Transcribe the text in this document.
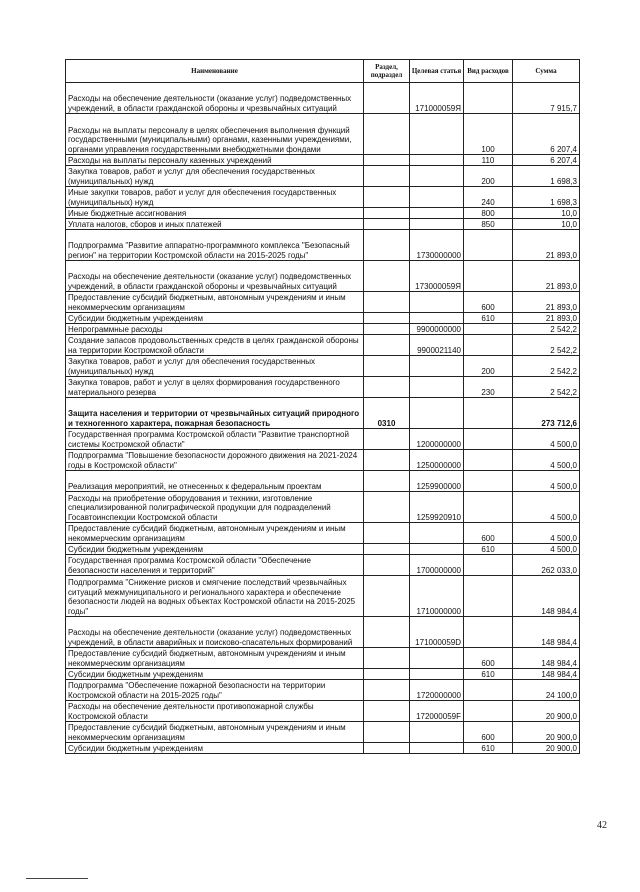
Наименование	Раздел, подраздел	Целевая статья	Вид расходов	Сумма
Расходы на обеспечение деятельности (оказание услуг) подведомственных учреждений, в области гражданской обороны и чрезвычайных ситуаций		171000059Я		7 915,7
Расходы на выплаты персоналу в целях обеспечения выполнения функций государственными (муниципальными) органами, казенными учреждениями, органами управления государственными внебюджетными фондами			100	6 207,4
Расходы на выплаты персоналу казенных учреждений			110	6 207,4
Закупка товаров, работ и услуг для обеспечения государственных (муниципальных) нужд			200	1 698,3
Иные закупки товаров, работ и услуг для обеспечения государственных (муниципальных) нужд			240	1 698,3
Иные бюджетные ассигнования			800	10,0
Уплата налогов, сборов и иных платежей			850	10,0
Подпрограмма "Развитие аппаратно-программного комплекса "Безопасный регион" на территории Костромской области на 2015-2025 годы"		1730000000		21 893,0
Расходы на обеспечение деятельности (оказание услуг) подведомственных учреждений, в области гражданской обороны и чрезвычайных ситуаций		173000059Я		21 893,0
Предоставление субсидий бюджетным, автономным учреждениям и иным некоммерческим организациям			600	21 893,0
Субсидии бюджетным учреждениям			610	21 893,0
Непрограммные расходы		9900000000		2 542,2
Создание запасов продовольственных средств в целях гражданской обороны на территории Костромской области		9900021140		2 542,2
Закупка товаров, работ и услуг для обеспечения государственных (муниципальных) нужд			200	2 542,2
Закупка товаров, работ и услуг в целях формирования государственного материального резерва			230	2 542,2
Защита населения и территории от чрезвычайных ситуаций природного и техногенного характера, пожарная безопасность	0310			273 712,6
Государственная программа Костромской области "Развитие транспортной системы Костромской области"		1200000000		4 500,0
Подпрограмма "Повышение безопасности дорожного движения на 2021-2024 годы в Костромской области"		1250000000		4 500,0
Реализация мероприятий, не отнесенных к федеральным проектам		1259900000		4 500,0
Расходы на приобретение оборудования и техники, изготовление специализированной полиграфической продукции для подразделений Госавтоинспекции Костромской области		1259920910		4 500,0
Предоставление субсидий бюджетным, автономным учреждениям и иным некоммерческим организациям			600	4 500,0
Субсидии бюджетным учреждениям			610	4 500,0
Государственная программа Костромской области "Обеспечение безопасности населения и территорий"		1700000000		262 033,0
Подпрограмма "Снижение рисков и смягчение последствий чрезвычайных ситуаций межмуниципального и регионального характера и обеспечение безопасности людей на водных объектах Костромской области на 2015-2025 годы"		1710000000		148 984,4
Расходы на обеспечение деятельности (оказание услуг) подведомственных учреждений, в области аварийных и поисково-спасательных формирований		171000059D		148 984,4
Предоставление субсидий бюджетным, автономным учреждениям и иным некоммерческим организациям			600	148 984,4
Субсидии бюджетным учреждениям			610	148 984,4
Подпрограмма "Обеспечение пожарной безопасности на территории Костромской области на 2015-2025 годы"		1720000000		24 100,0
Расходы на обеспечение деятельности противопожарной службы Костромской области		172000059F		20 900,0
Предоставление субсидий бюджетным, автономным учреждениям и иным некоммерческим организациям			600	20 900,0
Субсидии бюджетным учреждениям			610	20 900,0
42
